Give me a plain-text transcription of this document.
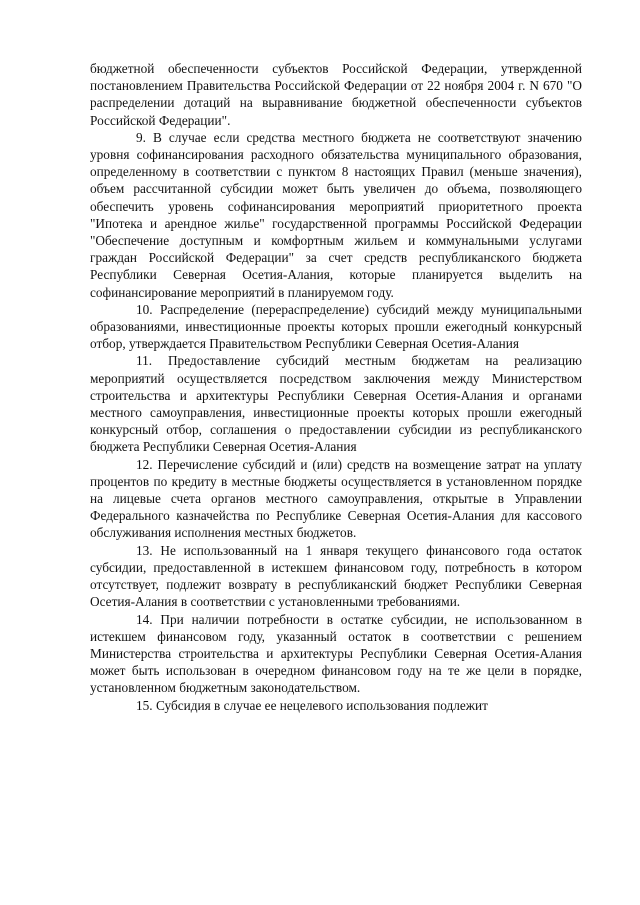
бюджетной обеспеченности субъектов Российской Федерации, утвержденной постановлением Правительства Российской Федерации от 22 ноября 2004 г. N 670 "О распределении дотаций на выравнивание бюджетной обеспеченности субъектов Российской Федерации".

9. В случае если средства местного бюджета не соответствуют значению уровня софинансирования расходного обязательства муниципального образования, определенному в соответствии с пунктом 8 настоящих Правил (меньше значения), объем рассчитанной субсидии может быть увеличен до объема, позволяющего обеспечить уровень софинансирования мероприятий приоритетного проекта "Ипотека и арендное жилье" государственной программы Российской Федерации "Обеспечение доступным и комфортным жильем и коммунальными услугами граждан Российской Федерации" за счет средств республиканского бюджета Республики Северная Осетия-Алания, которые планируется выделить на софинансирование мероприятий в планируемом году.

10. Распределение (перераспределение) субсидий между муниципальными образованиями, инвестиционные проекты которых прошли ежегодный конкурсный отбор, утверждается Правительством Республики Северная Осетия-Алания

11. Предоставление субсидий местным бюджетам на реализацию мероприятий осуществляется посредством заключения между Министерством строительства и архитектуры Республики Северная Осетия-Алания и органами местного самоуправления, инвестиционные проекты которых прошли ежегодный конкурсный отбор, соглашения о предоставлении субсидии из республиканского бюджета Республики Северная Осетия-Алания

12. Перечисление субсидий и (или) средств на возмещение затрат на уплату процентов по кредиту в местные бюджеты осуществляется в установленном порядке на лицевые счета органов местного самоуправления, открытые в Управлении Федерального казначейства по Республике Северная Осетия-Алания для кассового обслуживания исполнения местных бюджетов.

13. Не использованный на 1 января текущего финансового года остаток субсидии, предоставленной в истекшем финансовом году, потребность в котором отсутствует, подлежит возврату в республиканский бюджет Республики Северная Осетия-Алания в соответствии с установленными требованиями.

14. При наличии потребности в остатке субсидии, не использованном в истекшем финансовом году, указанный остаток в соответствии с решением Министерства строительства и архитектуры Республики Северная Осетия-Алания может быть использован в очередном финансовом году на те же цели в порядке, установленном бюджетным законодательством.

15. Субсидия в случае ее нецелевого использования подлежит
